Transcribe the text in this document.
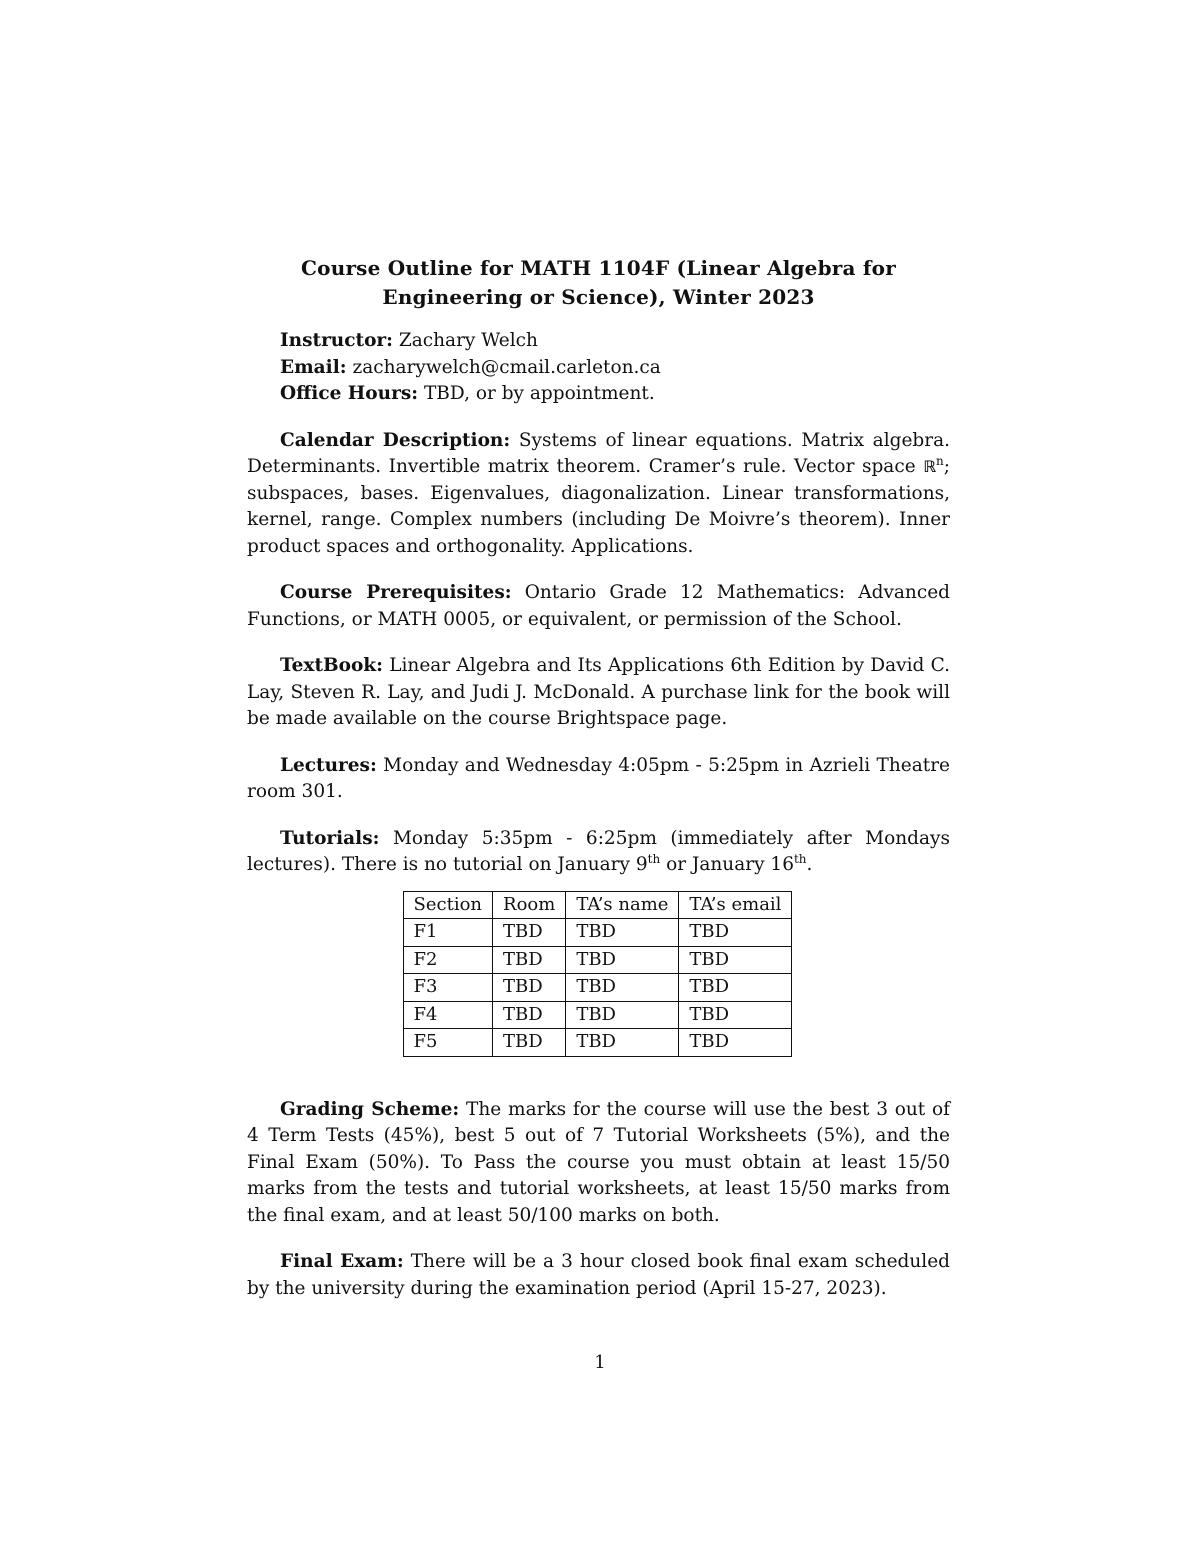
Course Outline for MATH 1104F (Linear Algebra for
Engineering or Science), Winter 2023
Instructor: Zachary Welch
Email: zacharywelch@cmail.carleton.ca
Office Hours: TBD, or by appointment.

Calendar Description: Systems of linear equations. Matrix algebra. Determinants. Invertible matrix theorem. Cramer’s rule. Vector space ℝ$^n$; subspaces, bases. Eigenvalues, diagonalization. Linear transformations, kernel, range. Complex numbers (including De Moivre’s theorem). Inner product spaces and orthogonality. Applications.

Course Prerequisites: Ontario Grade 12 Mathematics: Advanced Functions, or MATH 0005, or equivalent, or permission of the School.

TextBook: Linear Algebra and Its Applications 6th Edition by David C. Lay, Steven R. Lay, and Judi J. McDonald. A purchase link for the book will be made available on the course Brightspace page.

Lectures: Monday and Wednesday 4:05pm - 5:25pm in Azrieli Theatre room 301.

Tutorials: Monday 5:35pm - 6:25pm (immediately after Mondays lectures). There is no tutorial on January 9th or January 16th.

Section	Room	TA’s name	TA’s email
F1	TBD	TBD	TBD
F2	TBD	TBD	TBD
F3	TBD	TBD	TBD
F4	TBD	TBD	TBD
F5	TBD	TBD	TBD

Grading Scheme: The marks for the course will use the best 3 out of 4 Term Tests (45%), best 5 out of 7 Tutorial Worksheets (5%), and the Final Exam (50%). To Pass the course you must obtain at least 15/50 marks from the tests and tutorial worksheets, at least 15/50 marks from the final exam, and at least 50/100 marks on both.

Final Exam: There will be a 3 hour closed book final exam scheduled by the university during the examination period (April 15-27, 2023).

1
